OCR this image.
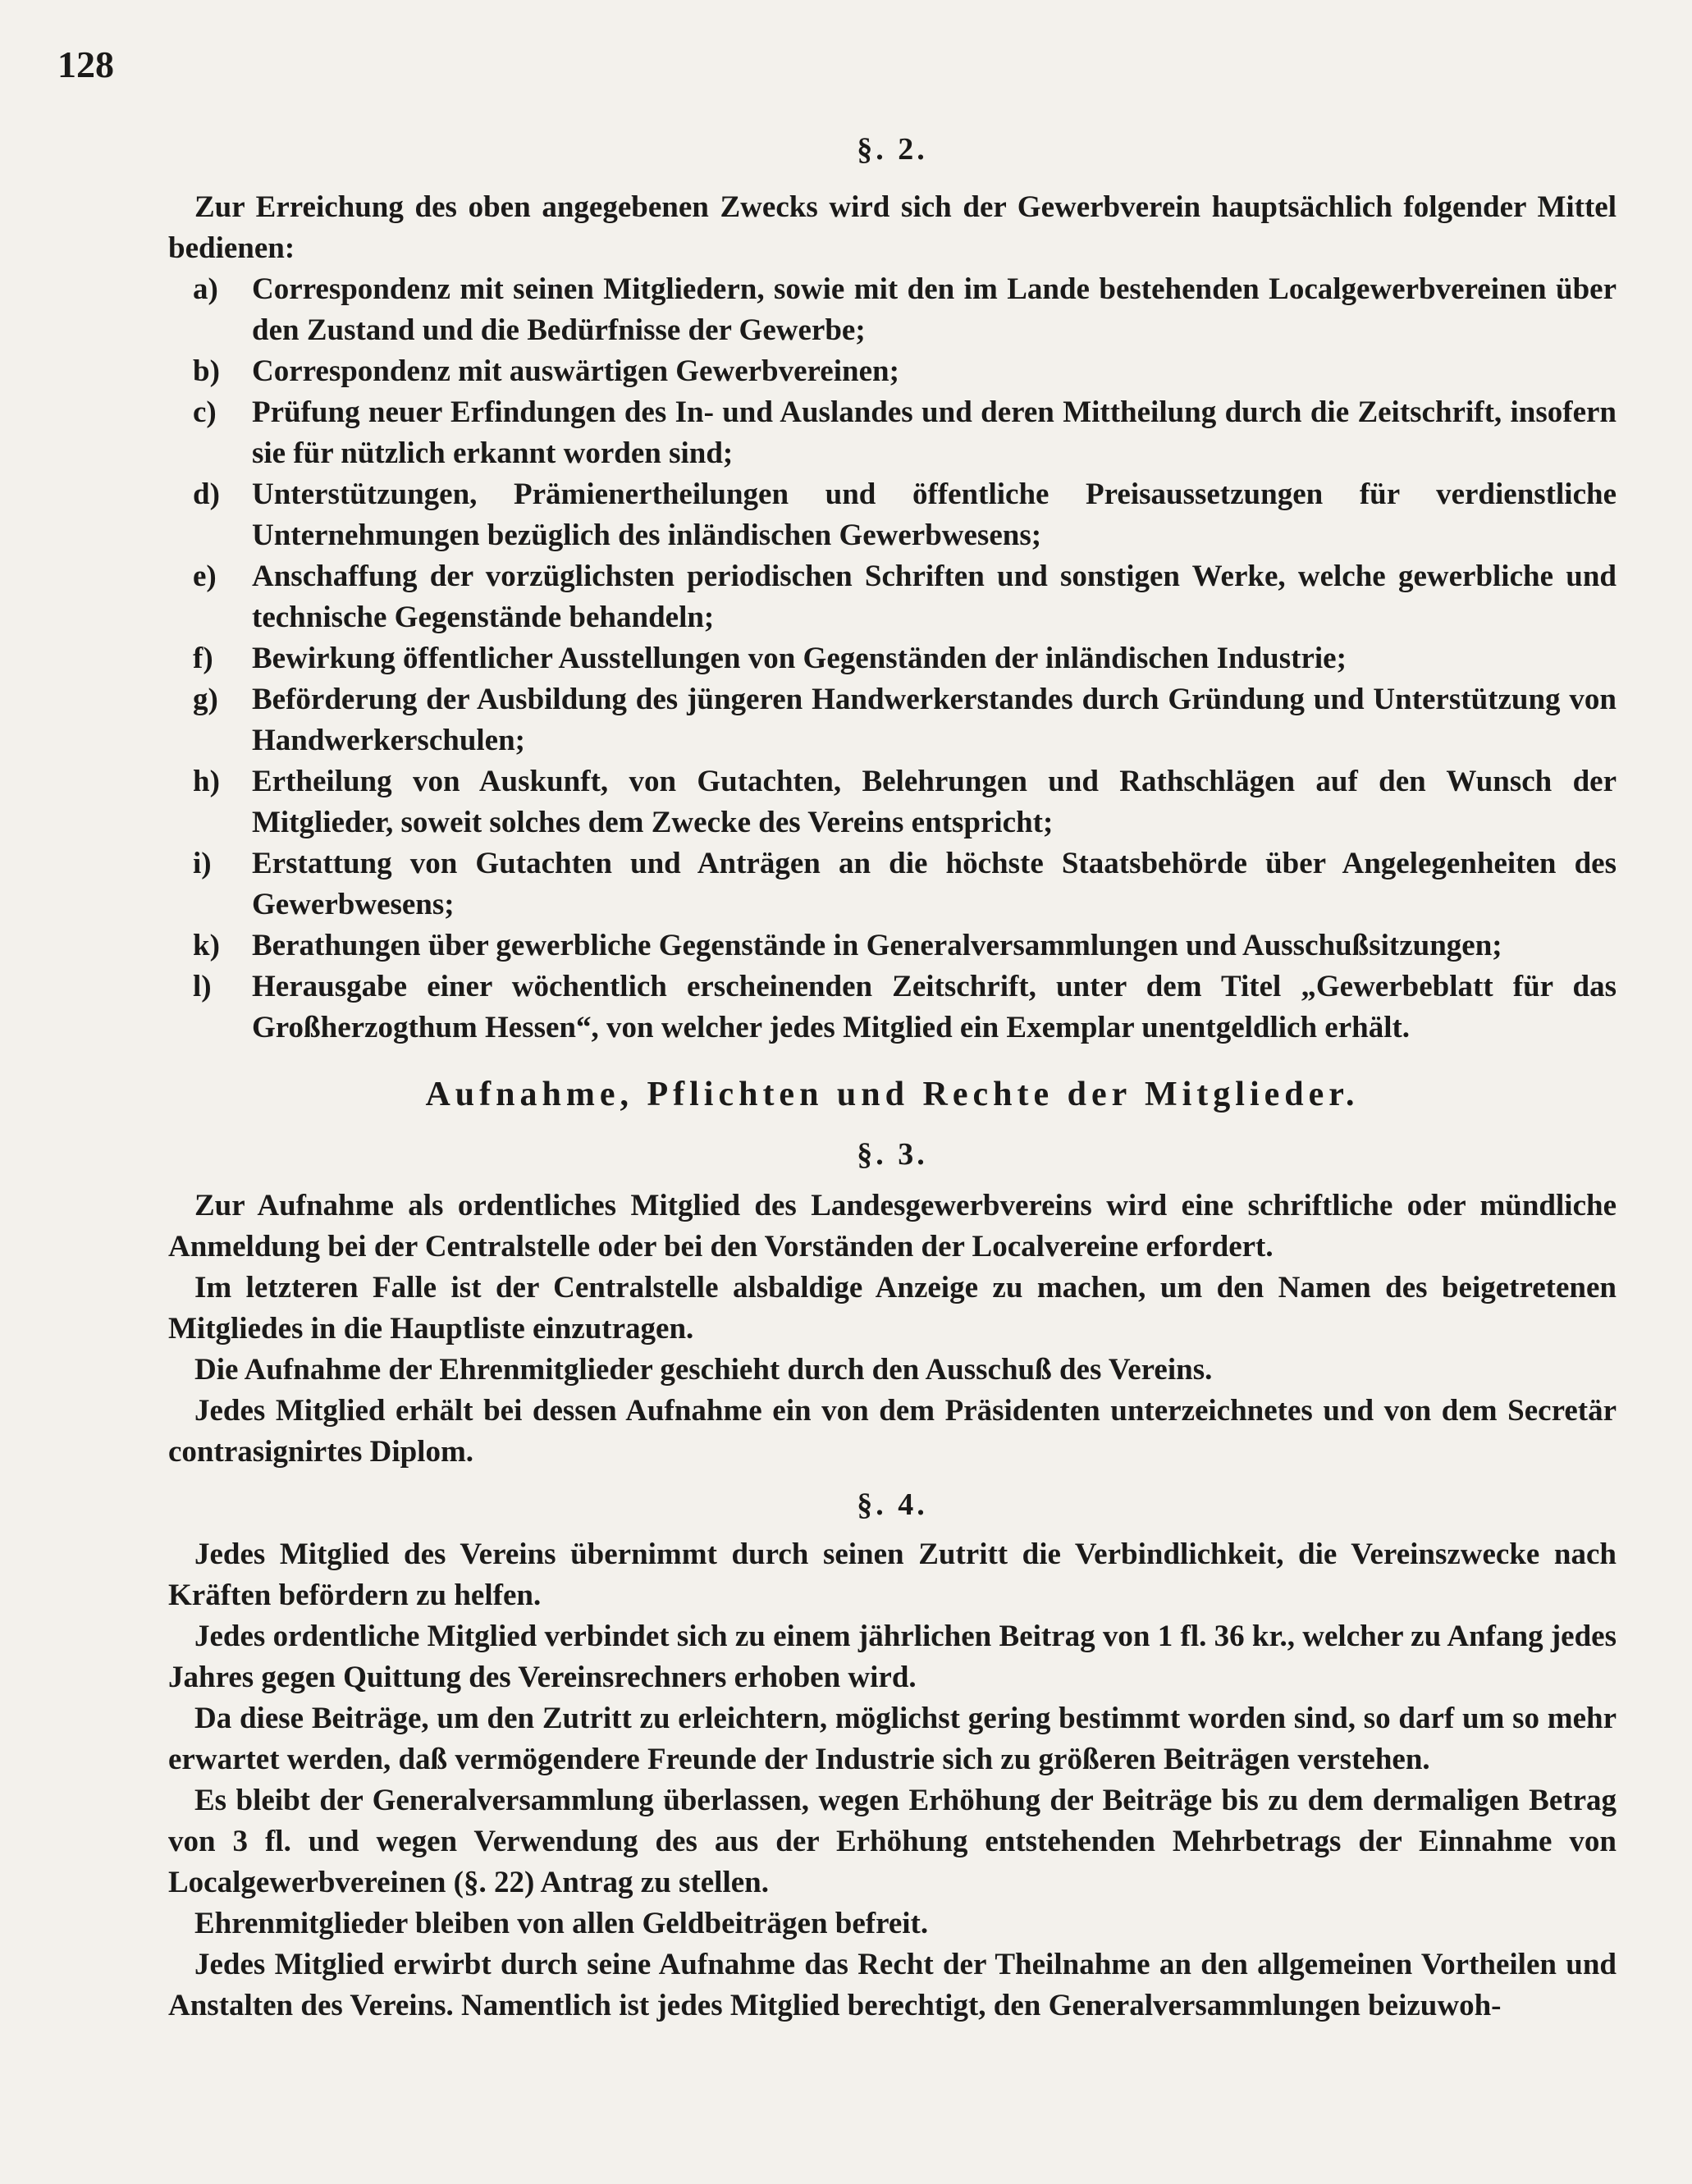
128
§. 2.

Zur Erreichung des oben angegebenen Zwecks wird sich der Gewerbverein hauptsächlich folgender Mittel bedienen:

a)	Correspondenz mit seinen Mitgliedern, sowie mit den im Lande bestehenden Localgewerbvereinen über den Zustand und die Bedürfnisse der Gewerbe;
b)	Correspondenz mit auswärtigen Gewerbvereinen;
c)	Prüfung neuer Erfindungen des In- und Auslandes und deren Mittheilung durch die Zeitschrift, insofern sie für nützlich erkannt worden sind;
d)	Unterstützungen, Prämienertheilungen und öffentliche Preisaussetzungen für verdienstliche Unternehmungen bezüglich des inländischen Gewerbwesens;
e)	Anschaffung der vorzüglichsten periodischen Schriften und sonstigen Werke, welche gewerbliche und technische Gegenstände behandeln;
f)	Bewirkung öffentlicher Ausstellungen von Gegenständen der inländischen Industrie;
g)	Beförderung der Ausbildung des jüngeren Handwerkerstandes durch Gründung und Unterstützung von Handwerkerschulen;
h)	Ertheilung von Auskunft, von Gutachten, Belehrungen und Rathschlägen auf den Wunsch der Mitglieder, soweit solches dem Zwecke des Vereins entspricht;
i)	Erstattung von Gutachten und Anträgen an die höchste Staatsbehörde über Angelegenheiten des Gewerbwesens;
k)	Berathungen über gewerbliche Gegenstände in Generalversammlungen und Ausschußsitzungen;
l)	Herausgabe einer wöchentlich erscheinenden Zeitschrift, unter dem Titel „Gewerbeblatt für das Großherzogthum Hessen“, von welcher jedes Mitglied ein Exemplar unentgeldlich erhält.
Aufnahme, Pflichten und Rechte der Mitglieder.
§. 3.

Zur Aufnahme als ordentliches Mitglied des Landesgewerbvereins wird eine schriftliche oder mündliche Anmeldung bei der Centralstelle oder bei den Vorständen der Localvereine erfordert.

Im letzteren Falle ist der Centralstelle alsbaldige Anzeige zu machen, um den Namen des beigetretenen Mitgliedes in die Hauptliste einzutragen.

Die Aufnahme der Ehrenmitglieder geschieht durch den Ausschuß des Vereins.

Jedes Mitglied erhält bei dessen Aufnahme ein von dem Präsidenten unterzeichnetes und von dem Secretär contrasignirtes Diplom.

§. 4.

Jedes Mitglied des Vereins übernimmt durch seinen Zutritt die Verbindlichkeit, die Vereinszwecke nach Kräften befördern zu helfen.

Jedes ordentliche Mitglied verbindet sich zu einem jährlichen Beitrag von 1 fl. 36 kr., welcher zu Anfang jedes Jahres gegen Quittung des Vereinsrechners erhoben wird.

Da diese Beiträge, um den Zutritt zu erleichtern, möglichst gering bestimmt worden sind, so darf um so mehr erwartet werden, daß vermögendere Freunde der Industrie sich zu größeren Beiträgen verstehen.

Es bleibt der Generalversammlung überlassen, wegen Erhöhung der Beiträge bis zu dem dermaligen Betrag von 3 fl. und wegen Verwendung des aus der Erhöhung entstehenden Mehrbetrags der Einnahme von Localgewerbvereinen (§. 22) Antrag zu stellen.

Ehrenmitglieder bleiben von allen Geldbeiträgen befreit.

Jedes Mitglied erwirbt durch seine Aufnahme das Recht der Theilnahme an den allgemeinen Vortheilen und Anstalten des Vereins. Namentlich ist jedes Mitglied berechtigt, den Generalversammlungen beizuwoh-
